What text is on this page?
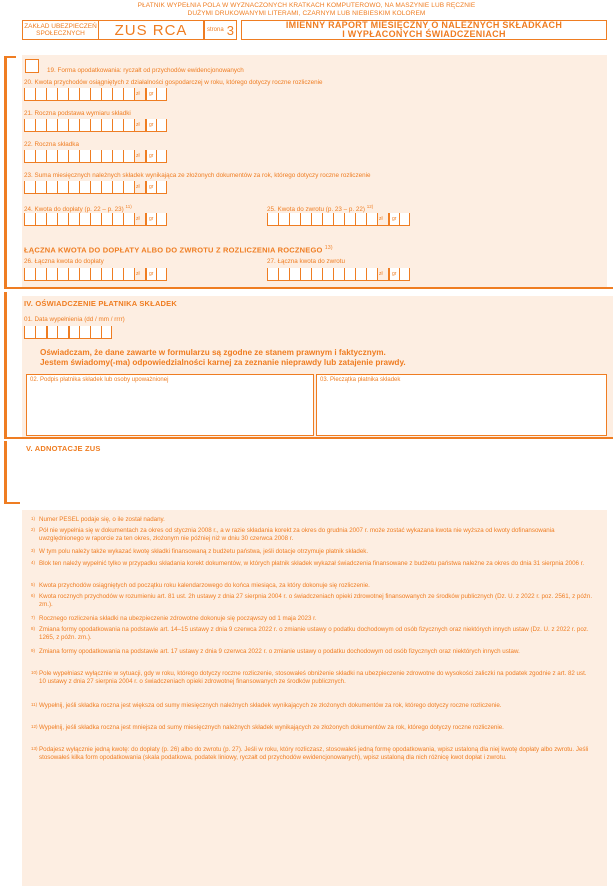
PŁATNIK WYPEŁNIA POLA W WYZNACZONYCH KRATKACH KOMPUTEROWO, NA MASZYNIE LUB RĘCZNIE
DUŻYMI DRUKOWANYMI LITERAMI, CZARNYM LUB NIEBIESKIM KOLOREM
ZAKŁAD UBEZPIECZEŃ SPOŁECZNYCH	ZUS RCA	strona 3	IMIENNY RAPORT MIESIĘCZNY O NALEŻNYCH SKŁADKACH
I WYPŁACONYCH ŚWIADCZENIACH
19. Forma opodatkowania: ryczałt od przychodów ewidencjonowanych
20. Kwota przychodów osiągniętych z działalności gospodarczej w roku, którego dotyczy roczne rozliczenie
zł gr
21. Roczna podstawa wymiaru składki
zł gr
22. Roczna składka
zł gr
23. Suma miesięcznych należnych składek wynikająca ze złożonych dokumentów za rok, którego dotyczy roczne rozliczenie
zł gr
24. Kwota do dopłaty (p. 22 – p. 23) $^{11)}$
zł gr
25. Kwota do zwrotu (p. 23 – p. 22) $^{12)}$
zł gr
ŁĄCZNA KWOTA DO DOPŁATY ALBO DO ZWROTU Z ROZLICZENIA ROCZNEGO $^{13)}$
26. Łączna kwota do dopłaty
zł gr
27. Łączna kwota do zwrotu
zł gr
IV. OŚWIADCZENIE PŁATNIKA SKŁADEK
01. Data wypełnienia (dd / mm / rrrr)
Oświadczam, że dane zawarte w formularzu są zgodne ze stanem prawnym i faktycznym.
Jestem świadomy(-ma) odpowiedzialności karnej za zeznanie nieprawdy lub zatajenie prawdy.
02. Podpis płatnika składek lub osoby upoważnionej	03. Pieczątka płatnika składek
V. ADNOTACJE ZUS
1) Numer PESEL podaje się, o ile został nadany.
2) Pół nie wypełnia się w dokumentach za okres od stycznia 2008 r., a w razie składania korekt za okres do grudnia 2007 r. może zostać wykazana kwota nie wyższa od kwoty dofinansowania uwzględnionego w raporcie za ten okres, złożonym nie później niż w dniu 30 czerwca 2008 r.
3) W tym polu należy także wykazać kwotę składki finansowaną z budżetu państwa, jeśli dotacje otrzymuje płatnik składek.
4) Blok ten należy wypełnić tylko w przypadku składania korekt dokumentów, w których płatnik składek wykazał świadczenia finansowane z budżetu państwa należne za okres do dnia 31 sierpnia 2006 r.
5) Kwota przychodów osiągniętych od początku roku kalendarzowego do końca miesiąca, za który dokonuje się rozliczenie.
6) Kwota rocznych przychodów w rozumieniu art. 81 ust. 2h ustawy z dnia 27 sierpnia 2004 r. o świadczeniach opieki zdrowotnej finansowanych ze środków publicznych (Dz. U. z 2022 r. poz. 2561, z późn. zm.).
7) Rocznego rozliczenia składki na ubezpieczenie zdrowotne dokonuje się począwszy od 1 maja 2023 r.
8) Zmiana formy opodatkowania na podstawie art. 14–15 ustawy z dnia 9 czerwca 2022 r. o zmianie ustawy o podatku dochodowym od osób fizycznych oraz niektórych innych ustaw (Dz. U. z 2022 r. poz. 1265, z późn. zm.).
9) Zmiana formy opodatkowania na podstawie art. 17 ustawy z dnia 9 czerwca 2022 r. o zmianie ustawy o podatku dochodowym od osób fizycznych oraz niektórych innych ustaw.
10) Pole wypełniasz wyłącznie w sytuacji, gdy w roku, którego dotyczy roczne rozliczenie, stosowałeś obniżenie składki na ubezpieczenie zdrowotne do wysokości zaliczki na podatek zgodnie z art. 82 ust. 10 ustawy z dnia 27 sierpnia 2004 r. o świadczeniach opieki zdrowotnej finansowanych ze środków publicznych.
11) Wypełnij, jeśli składka roczna jest większa od sumy miesięcznych należnych składek wynikających ze złożonych dokumentów za rok, którego dotyczy roczne rozliczenie.
12) Wypełnij, jeśli składka roczna jest mniejsza od sumy miesięcznych należnych składek wynikających ze złożonych dokumentów za rok, którego dotyczy roczne rozliczenie.
13) Podajesz wyłącznie jedną kwotę: do dopłaty (p. 26) albo do zwrotu (p. 27). Jeśli w roku, który rozliczasz, stosowałeś jedną formę opodatkowania, wpisz ustaloną dla niej kwotę dopłaty albo zwrotu. Jeśli stosowałeś kilka form opodatkowania (skala podatkowa, podatek liniowy, ryczałt od przychodów ewidencjonowanych), wpisz ustaloną dla nich różnicę kwot dopłat i zwrotu.
